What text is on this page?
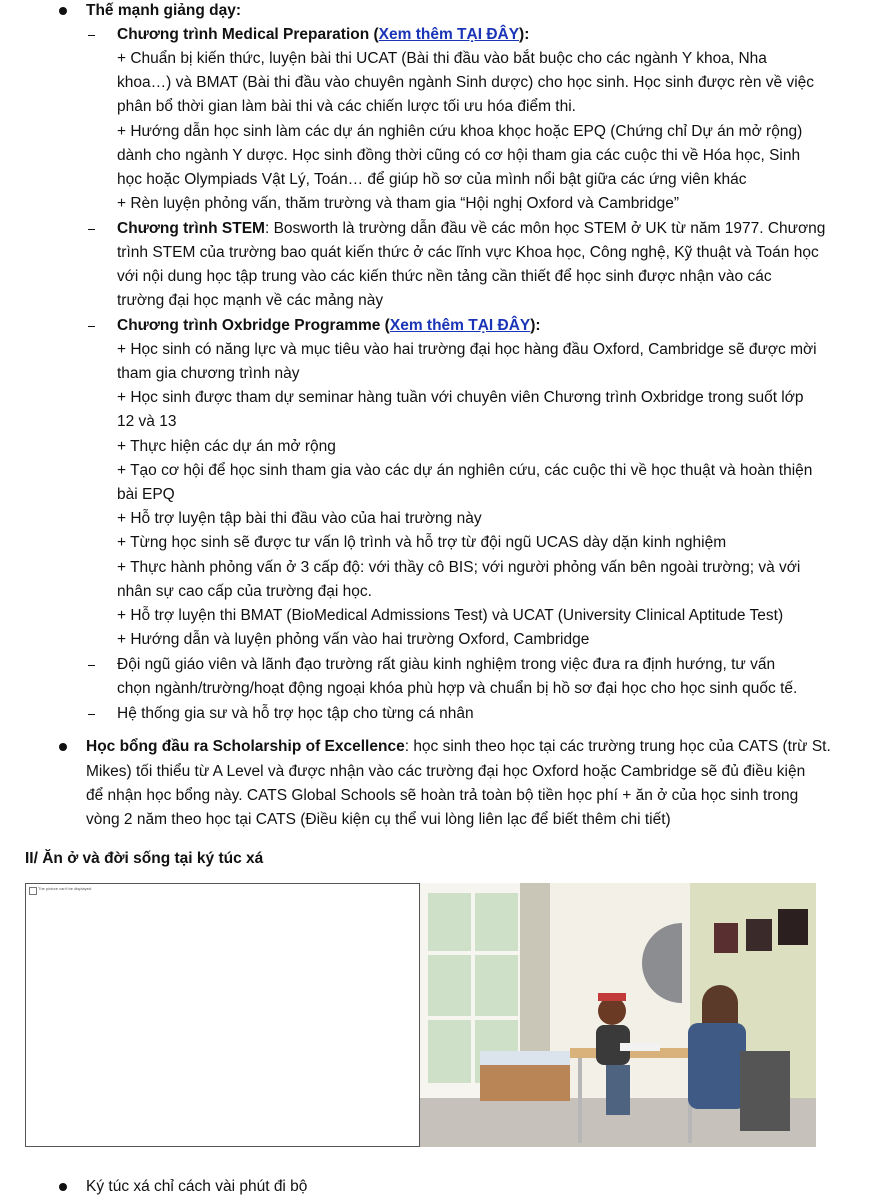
Thế mạnh giảng dạy:
Chương trình Medical Preparation (Xem thêm TẠI ĐÂY):
+ Chuẩn bị kiến thức, luyện bài thi UCAT (Bài thi đầu vào bắt buộc cho các ngành Y khoa, Nha
khoa…) và BMAT (Bài thi đầu vào chuyên ngành Sinh dược) cho học sinh. Học sinh được rèn về việc
phân bổ thời gian làm bài thi và các chiến lược tối ưu hóa điểm thi.
+ Hướng dẫn học sinh làm các dự án nghiên cứu khoa khọc hoặc EPQ (Chứng chỉ Dự án mở rộng)
dành cho ngành Y dược. Học sinh đồng thời cũng có cơ hội tham gia các cuộc thi về Hóa học, Sinh
học hoặc Olympiads Vật Lý, Toán… để giúp hồ sơ của mình nổi bật giữa các ứng viên khác
+ Rèn luyện phỏng vấn, thăm trường và tham gia “Hội nghị Oxford và Cambridge”
Chương trình STEM: Bosworth là trường dẫn đầu về các môn học STEM ở UK từ năm 1977. Chương
trình STEM của trường bao quát kiến thức ở các lĩnh vực Khoa học, Công nghệ, Kỹ thuật và Toán học
với nội dung học tập trung vào các kiến thức nền tảng cần thiết để học sinh được nhận vào các
trường đại học mạnh về các mảng này
Chương trình Oxbridge Programme (Xem thêm TẠI ĐÂY):
+ Học sinh có năng lực và mục tiêu vào hai trường đại học hàng đầu Oxford, Cambridge sẽ được mời
tham gia chương trình này
+ Học sinh được tham dự seminar hàng tuần với chuyên viên Chương trình Oxbridge trong suốt lớp
12 và 13
+ Thực hiện các dự án mở rộng
+ Tạo cơ hội để học sinh tham gia vào các dự án nghiên cứu, các cuộc thi về học thuật và hoàn thiện
bài EPQ
+ Hỗ trợ luyện tập bài thi đầu vào của hai trường này
+ Từng học sinh sẽ được tư vấn lộ trình và hỗ trợ từ đội ngũ UCAS dày dặn kinh nghiệm
+ Thực hành phỏng vấn ở 3 cấp độ: với thầy cô BIS; với người phỏng vấn bên ngoài trường; và với
nhân sự cao cấp của trường đại học.
+ Hỗ trợ luyện thi BMAT (BioMedical Admissions Test) và UCAT (University Clinical Aptitude Test)
+ Hướng dẫn và luyện phỏng vấn vào hai trường Oxford, Cambridge
Đội ngũ giáo viên và lãnh đạo trường rất giàu kinh nghiệm trong việc đưa ra định hướng, tư vấn
chọn ngành/trường/hoạt động ngoại khóa phù hợp và chuẩn bị hồ sơ đại học cho học sinh quốc tế.
Hệ thống gia sư và hỗ trợ học tập cho từng cá nhân
Học bổng đầu ra Scholarship of Excellence: học sinh theo học tại các trường trung học của CATS (trừ St.
Mikes) tối thiểu từ A Level và được nhận vào các trường đại học Oxford hoặc Cambridge sẽ đủ điều kiện
để nhận học bổng này. CATS Global Schools sẽ hoàn trả toàn bộ tiền học phí + ăn ở của học sinh trong
vòng 2 năm theo học tại CATS (Điều kiện cụ thể vui lòng liên lạc để biết thêm chi tiết)
II/ Ăn ở và đời sống tại ký túc xá
The picture can't be displayed.
Ký túc xá chỉ cách vài phút đi bộ
